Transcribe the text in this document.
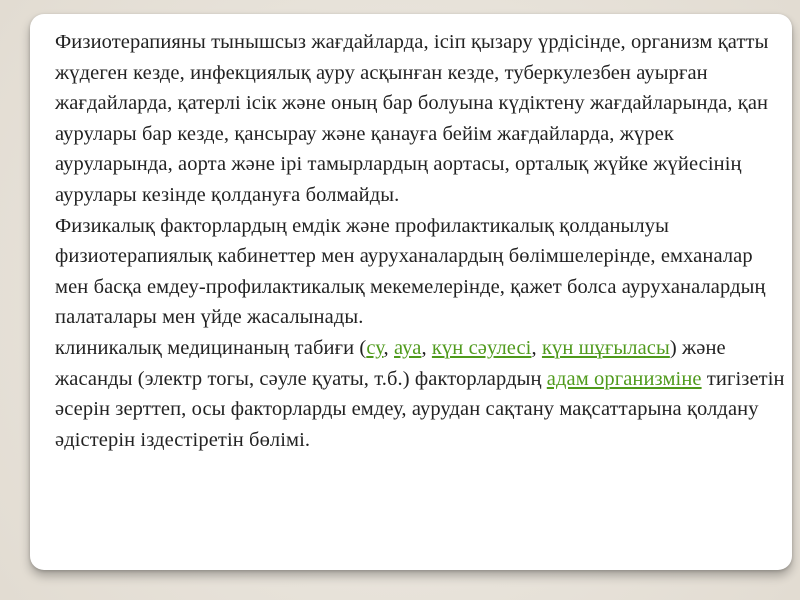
Физиотерапияны тынышсыз жағдайларда, ісіп қызару үрдісінде, организм қатты жүдеген кезде, инфекциялық ауру асқынған кезде, туберкулезбен ауырған жағдайларда, қатерлі ісік және оның бар болуына күдіктену жағдайларында, қан аурулары бар кезде, қансырау және қанауға бейім жағдайларда, жүрек ауруларында, аорта және ірі тамырлардың аортасы, орталық жүйке жүйесінің аурулары кезінде қолдануға болмайды.

Физикалық факторлардың емдік және профилактикалық қолданылуы физиотерапиялық кабинеттер мен ауруханалардың бөлімшелерінде, емханалар мен басқа емдеу-профилактикалық мекемелерінде, қажет болса ауруханалардың палаталары мен үйде жасалынады.

клиникалық медицинаның табиғи (су, ауа, күн сәулесі, күн шұғыласы) және жасанды (электр тогы, сәуле қуаты, т.б.) факторлардың адам организміне тигізетін әсерін зерттеп, осы факторларды емдеу, аурудан сақтану мақсаттарына қолдану әдістерін іздестіретін бөлімі.
